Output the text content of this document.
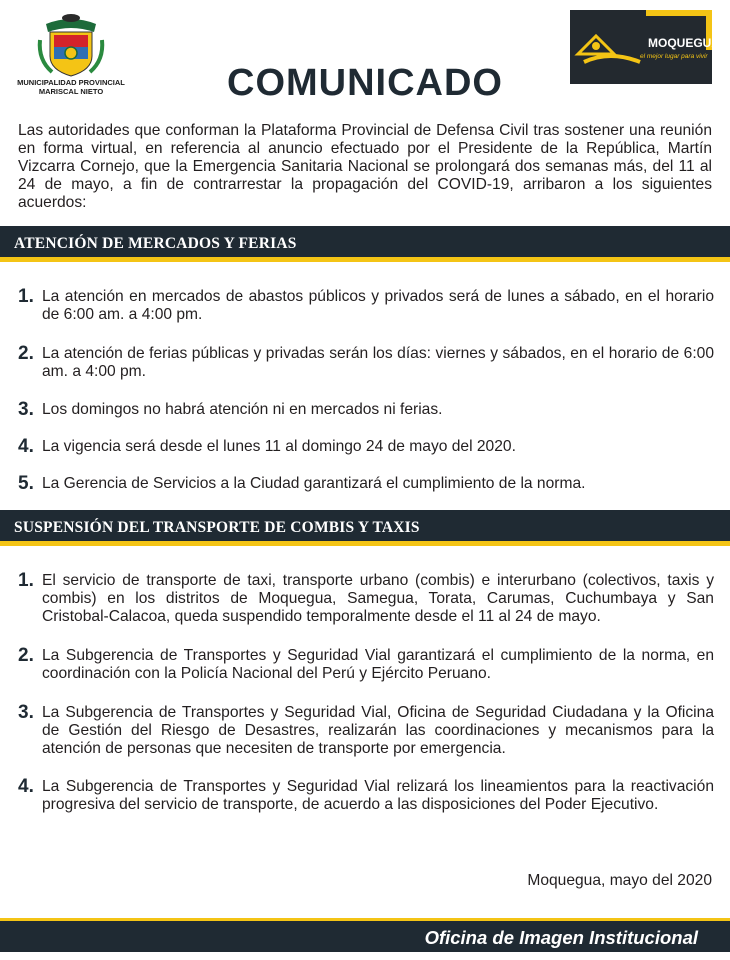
MUNICIPALIDAD PROVINCIAL
MARISCAL NIETO	COMUNICADO
MOQUEGUA
el mejor lugar para vivir
Las autoridades que conforman la Plataforma Provincial de Defensa Civil tras sostener una reunión en forma virtual, en referencia al anuncio efectuado por el Presidente de la República, Martín Vizcarra Cornejo, que la Emergencia Sanitaria Nacional se prolongará dos semanas más, del 11 al 24 de mayo, a fin de contrarrestar la propagación del COVID-19, arribaron a los siguientes acuerdos:
ATENCIÓN DE MERCADOS Y FERIAS
1. La atención en mercados de abastos públicos y privados será de lunes a sábado, en el horario de 6:00 am. a 4:00 pm.
2. La atención de ferias públicas y privadas serán los días: viernes y sábados, en el horario de 6:00 am. a 4:00 pm.
3. Los domingos no habrá atención ni en mercados ni ferias.
4. La vigencia será desde el lunes 11 al domingo 24 de mayo del 2020.
5. La Gerencia de Servicios a la Ciudad garantizará el cumplimiento de la norma.
SUSPENSIÓN DEL TRANSPORTE DE COMBIS Y TAXIS
1. El servicio de transporte de taxi, transporte urbano (combis) e interurbano (colectivos, taxis y combis) en los distritos de Moquegua, Samegua, Torata, Carumas, Cuchumbaya y San Cristobal-Calacoa, queda suspendido temporalmente desde el 11 al 24 de mayo.
2. La Subgerencia de Transportes y Seguridad Vial garantizará el cumplimiento de la norma, en coordinación con la Policía Nacional del Perú y Ejército Peruano.
3. La Subgerencia de Transportes y Seguridad Vial, Oficina de Seguridad Ciudadana y la Oficina de Gestión del Riesgo de Desastres, realizarán las coordinaciones y mecanismos para la atención de personas que necesiten de transporte por emergencia.
4. La Subgerencia de Transportes y Seguridad Vial relizará los lineamientos para la reactivación progresiva del servicio de transporte, de acuerdo a las disposiciones del Poder Ejecutivo.
Moquegua, mayo del 2020
Oficina de Imagen Institucional
